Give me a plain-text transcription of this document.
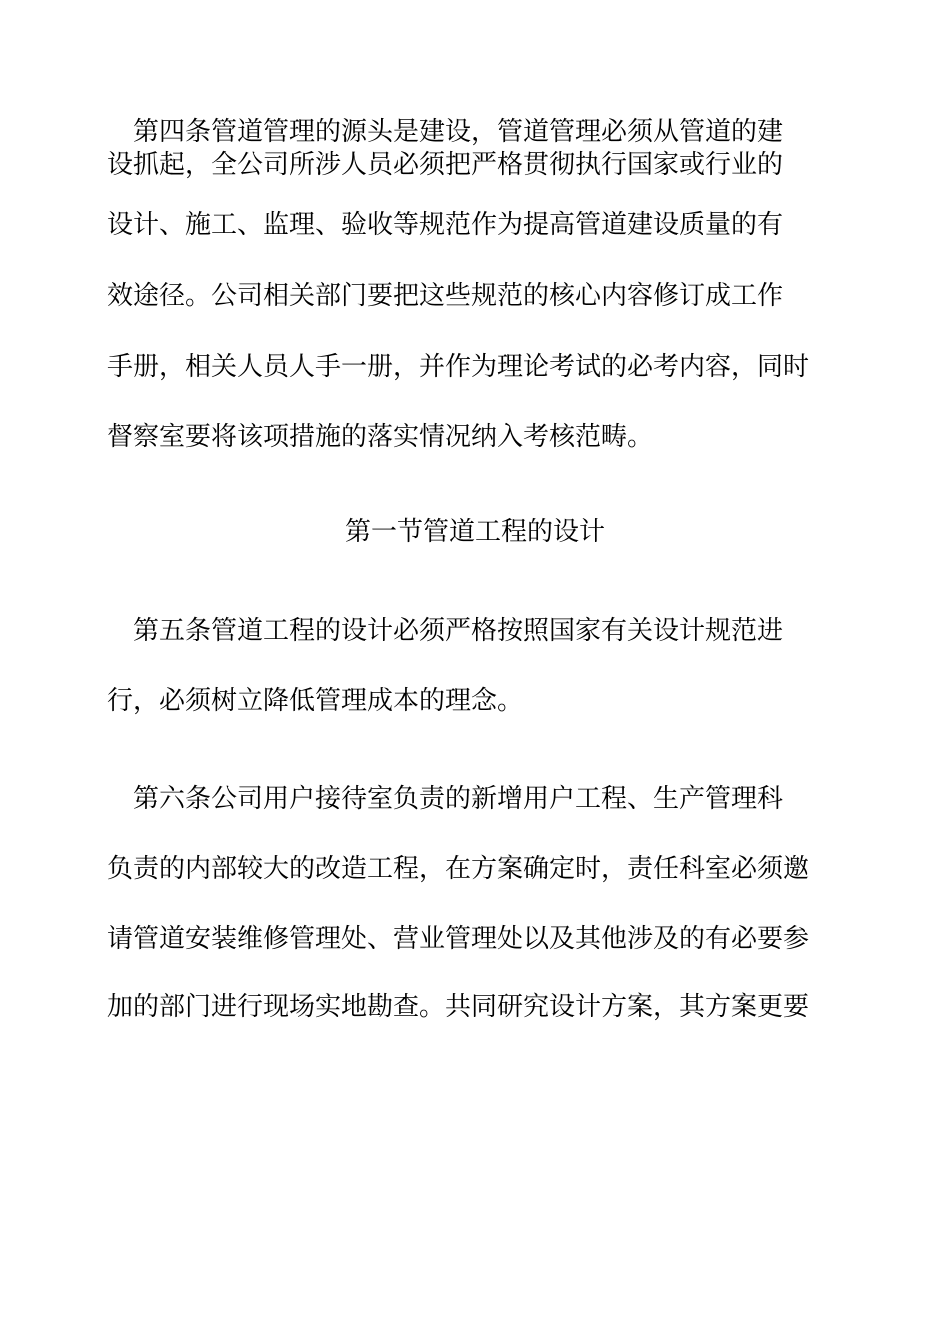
　第四条管道管理的源头是建设，管道管理必须从管道的建
设抓起，全公司所涉人员必须把严格贯彻执行国家或行业的
设计、施工、监理、验收等规范作为提高管道建设质量的有
效途径。公司相关部门要把这些规范的核心内容修订成工作
手册，相关人员人手一册，并作为理论考试的必考内容，同时
督察室要将该项措施的落实情况纳入考核范畴。
第一节管道工程的设计
　第五条管道工程的设计必须严格按照国家有关设计规范进
行，必须树立降低管理成本的理念。
　第六条公司用户接待室负责的新增用户工程、生产管理科
负责的内部较大的改造工程，在方案确定时，责任科室必须邀
请管道安装维修管理处、营业管理处以及其他涉及的有必要参
加的部门进行现场实地勘查。共同研究设计方案，其方案更要
